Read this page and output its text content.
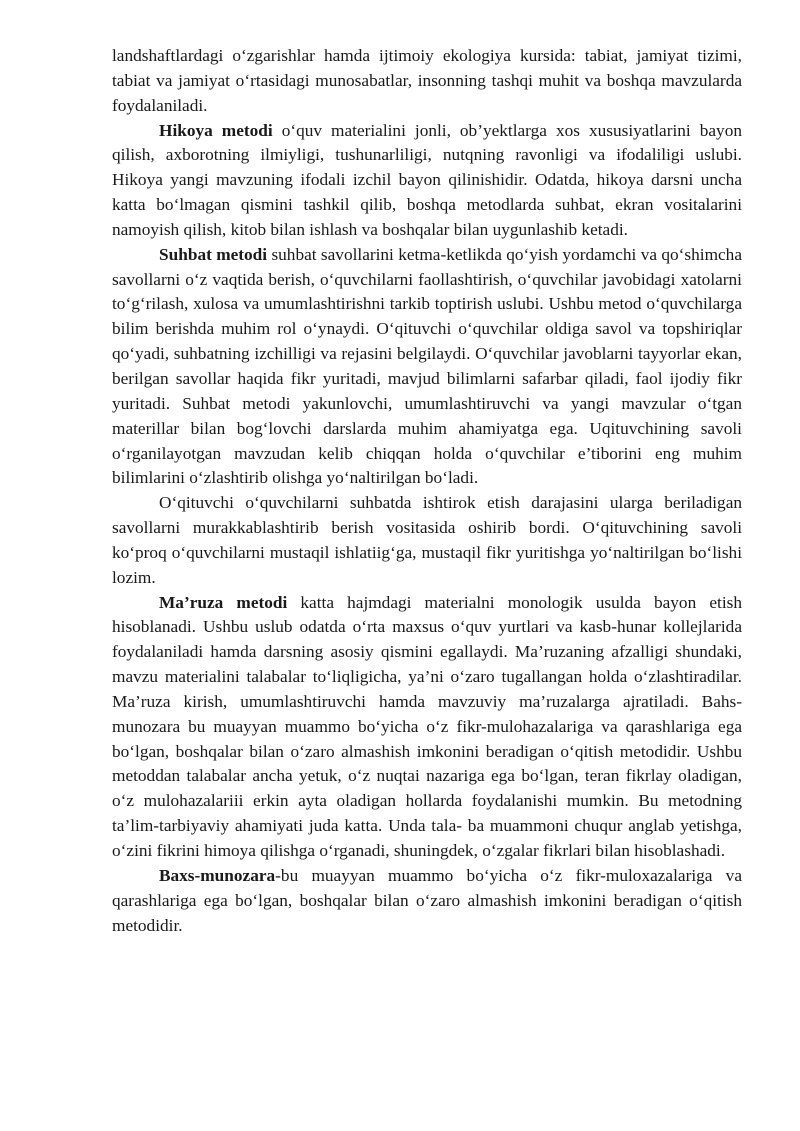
landshaftlardagi o‘zgarishlar hamda ijtimoiy ekologiya kursida: tabiat, jamiyat tizimi, tabiat va jamiyat o‘rtasidagi munosabatlar, insonning tashqi muhit va boshqa mavzularda foydalaniladi.

Hikoya metodi o‘quv materialini jonli, ob’yektlarga xos xususiyatlarini bayon qilish, axborotning ilmiyligi, tushunarliligi, nutqning ravonligi va ifodaliligi uslubi. Hikoya yangi mavzuning ifodali izchil bayon qilinishidir. Odatda, hikoya darsni uncha katta bo‘lmagan qismini tashkil qilib, boshqa metodlarda suhbat, ekran vositalarini namoyish qilish, kitob bilan ishlash va boshqalar bilan uygunlashib ketadi.

Suhbat metodi suhbat savollarini ketma-ketlikda qo‘yish yordamchi va qo‘shimcha savollarni o‘z vaqtida berish, o‘quvchilarni faollashtirish, o‘quvchilar javobidagi xatolarni to‘g‘rilash, xulosa va umumlashtirishni tarkib toptirish uslubi. Ushbu metod o‘quvchilarga bilim berishda muhim rol o‘ynaydi. O‘qituvchi o‘quvchilar oldiga savol va topshiriqlar qo‘yadi, suhbatning izchilligi va rejasini belgilaydi. O‘quvchilar javoblarni tayyorlar ekan, berilgan savollar haqida fikr yuritadi, mavjud bilimlarni safarbar qiladi, faol ijodiy fikr yuritadi. Suhbat metodi yakunlovchi, umumlashtiruvchi va yangi mavzular o‘tgan materillar bilan bog‘lovchi darslarda muhim ahamiyatga ega. Uqituvchining savoli o‘rganilayotgan mavzudan kelib chiqqan holda o‘quvchilar e’tiborini eng muhim bilimlarini o‘zlashtirib olishga yo‘naltirilgan bo‘ladi.

O‘qituvchi o‘quvchilarni suhbatda ishtirok etish darajasini ularga beriladigan savollarni murakkablashtirib berish vositasida oshirib bordi. O‘qituvchining savoli ko‘proq o‘quvchilarni mustaqil ishlatiig‘ga, mustaqil fikr yuritishga yo‘naltirilgan bo‘lishi lozim.

Ma’ruza metodi katta hajmdagi materialni monologik usulda bayon etish hisoblanadi. Ushbu uslub odatda o‘rta maxsus o‘quv yurtlari va kasb-hunar kollejlarida foydalaniladi hamda darsning asosiy qismini egallaydi. Ma’ruzaning afzalligi shundaki, mavzu materialini talabalar to‘liqligicha, ya’ni o‘zaro tugallangan holda o‘zlashtiradilar. Ma’ruza kirish, umumlashtiruvchi hamda mavzuviy ma’ruzalarga ajratiladi. Bahs-munozara bu muayyan muammo bo‘yicha o‘z fikr-mulohazalariga va qarashlariga ega bo‘lgan, boshqalar bilan o‘zaro almashish imkonini beradigan o‘qitish metodidir. Ushbu metoddan talabalar ancha yetuk, o‘z nuqtai nazariga ega bo‘lgan, teran fikrlay oladigan, o‘z mulohazalariii erkin ayta oladigan hollarda foydalanishi mumkin. Bu metodning ta’lim-tarbiyaviy ahamiyati juda katta. Unda tala- ba muammoni chuqur anglab yetishga, o‘zini fikrini himoya qilishga o‘rganadi, shuningdek, o‘zgalar fikrlari bilan hisoblashadi.

Baxs-munozara-bu muayyan muammo bo‘yicha o‘z fikr-muloxazalariga va qarashlariga ega bo‘lgan, boshqalar bilan o‘zaro almashish imkonini beradigan o‘qitish metodidir.
